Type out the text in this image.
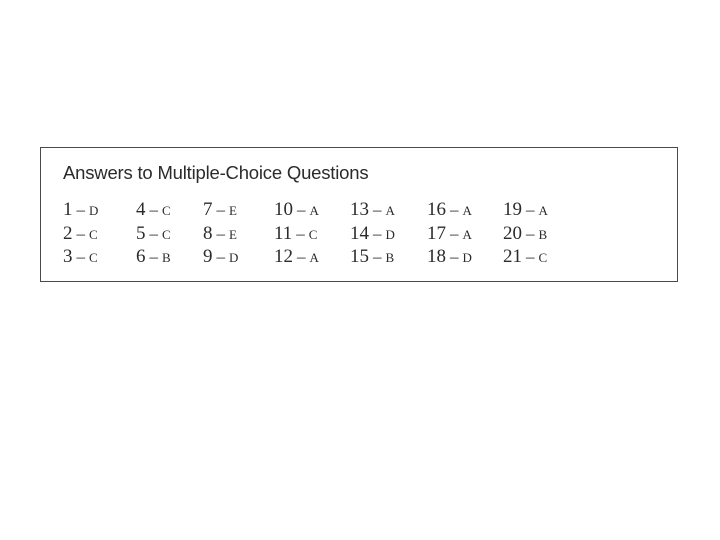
Answers to Multiple-Choice Questions
1 – D
2 – C
3 – C
4 – C
5 – C
6 – B
7 – E
8 – E
9 – D
10 – A
11 – C
12 – A
13 – A
14 – D
15 – B
16 – A
17 – A
18 – D
19 – A
20 – B
21 – C
